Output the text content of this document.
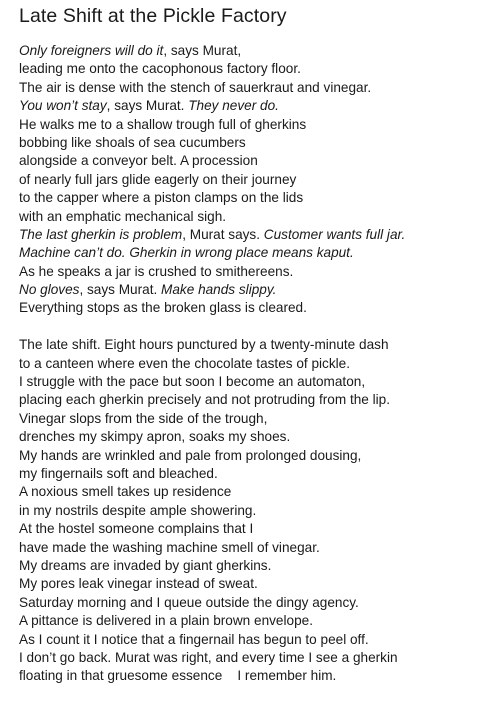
Late Shift at the Pickle Factory
Only foreigners will do it, says Murat,
leading me onto the cacophonous factory floor.
The air is dense with the stench of sauerkraut and vinegar.
You won’t stay, says Murat. They never do.
He walks me to a shallow trough full of gherkins
bobbing like shoals of sea cucumbers
alongside a conveyor belt. A procession
of nearly full jars glide eagerly on their journey
to the capper where a piston clamps on the lids
with an emphatic mechanical sigh.
The last gherkin is problem, Murat says. Customer wants full jar.
Machine can’t do. Gherkin in wrong place means kaput.
As he speaks a jar is crushed to smithereens.
No gloves, says Murat. Make hands slippy.
Everything stops as the broken glass is cleared.
The late shift. Eight hours punctured by a twenty-minute dash
to a canteen where even the chocolate tastes of pickle.
I struggle with the pace but soon I become an automaton,
placing each gherkin precisely and not protruding from the lip.
Vinegar slops from the side of the trough,
drenches my skimpy apron, soaks my shoes.
My hands are wrinkled and pale from prolonged dousing,
my fingernails soft and bleached.
A noxious smell takes up residence
in my nostrils despite ample showering.
At the hostel someone complains that I
have made the washing machine smell of vinegar.
My dreams are invaded by giant gherkins.
My pores leak vinegar instead of sweat.
Saturday morning and I queue outside the dingy agency.
A pittance is delivered in a plain brown envelope.
As I count it I notice that a fingernail has begun to peel off.
I don’t go back. Murat was right, and every time I see a gherkin
floating in that gruesome essence    I remember him.
